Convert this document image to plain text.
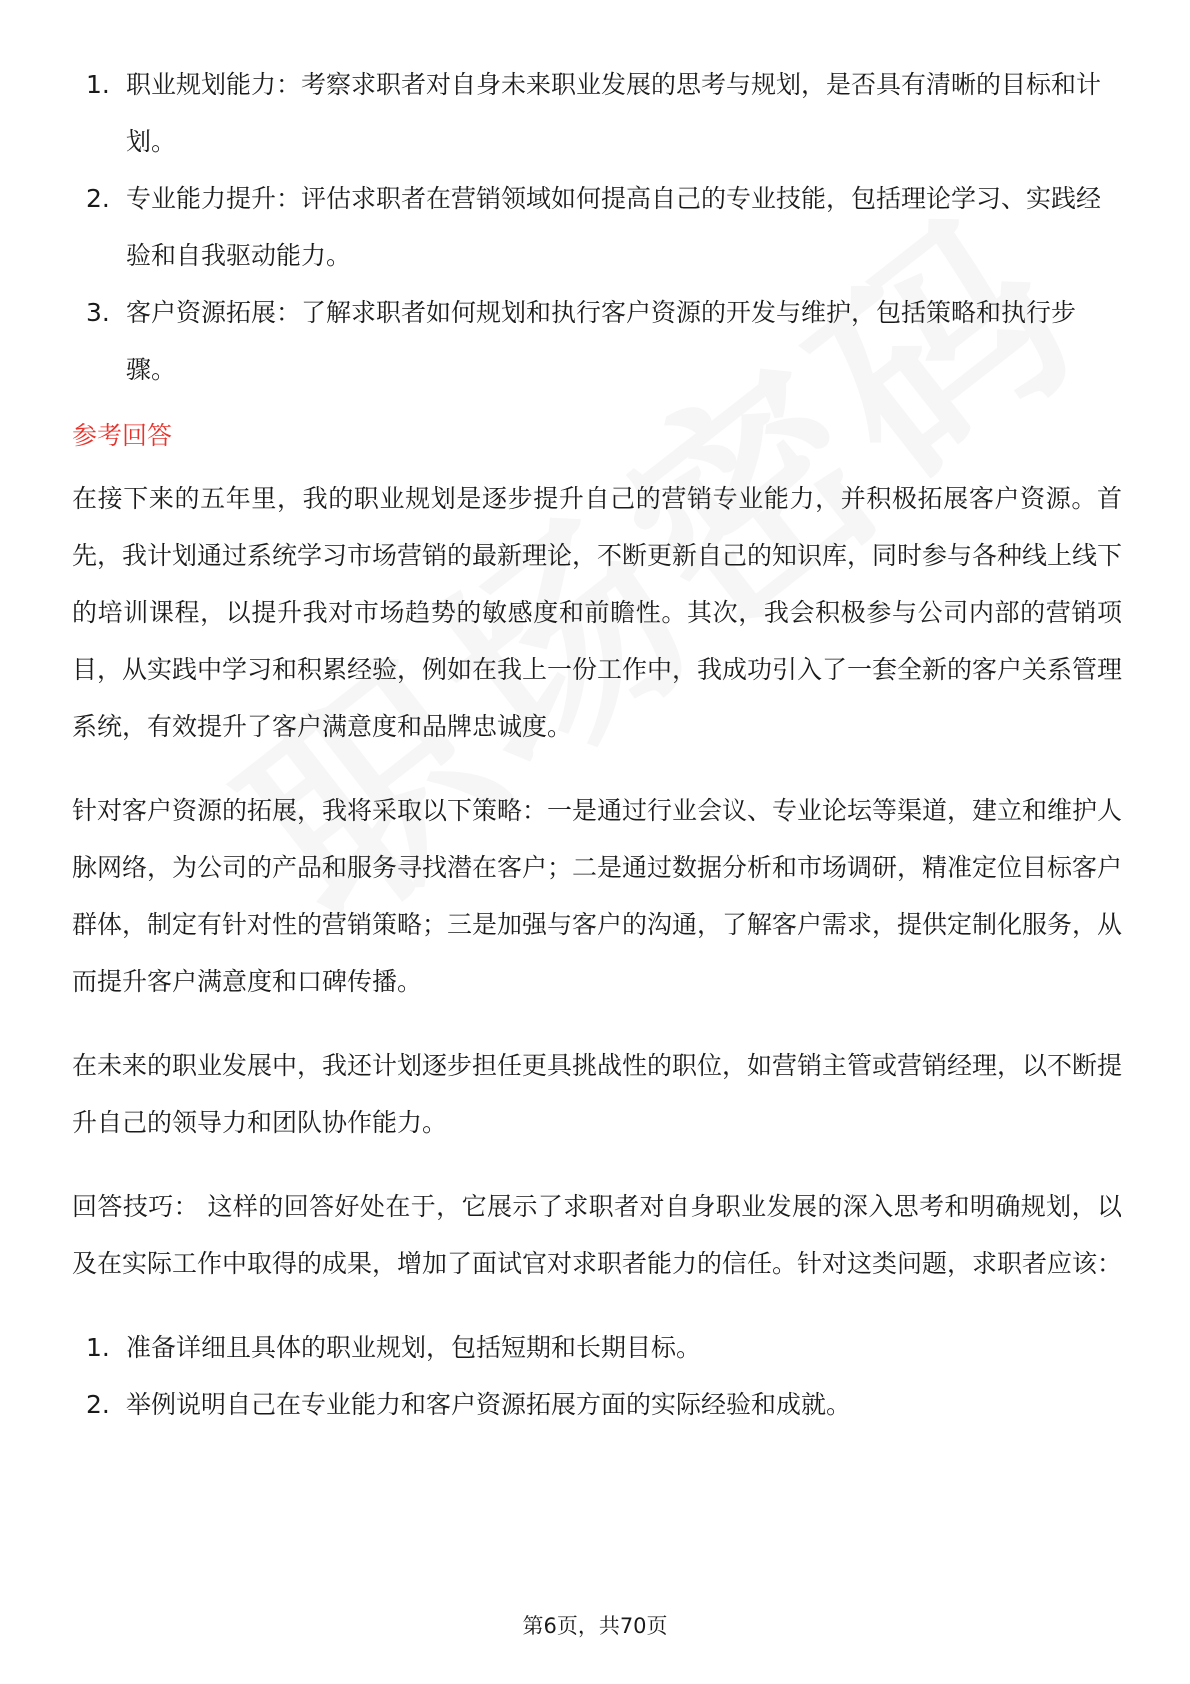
1. 职业规划能力：考察求职者对自身未来职业发展的思考与规划，是否具有清晰的目标和计划。
2. 专业能力提升：评估求职者在营销领域如何提高自己的专业技能，包括理论学习、实践经验和自我驱动能力。
3. 客户资源拓展：了解求职者如何规划和执行客户资源的开发与维护，包括策略和执行步骤。
参考回答

在接下来的五年里，我的职业规划是逐步提升自己的营销专业能力，并积极拓展客户资源。首先，我计划通过系统学习市场营销的最新理论，不断更新自己的知识库，同时参与各种线上线下的培训课程，以提升我对市场趋势的敏感度和前瞻性。其次，我会积极参与公司内部的营销项目，从实践中学习和积累经验，例如在我上一份工作中，我成功引入了一套全新的客户关系管理系统，有效提升了客户满意度和品牌忠诚度。

针对客户资源的拓展，我将采取以下策略：一是通过行业会议、专业论坛等渠道，建立和维护人脉网络，为公司的产品和服务寻找潜在客户；二是通过数据分析和市场调研，精准定位目标客户群体，制定有针对性的营销策略；三是加强与客户的沟通，了解客户需求，提供定制化服务，从而提升客户满意度和口碑传播。

在未来的职业发展中，我还计划逐步担任更具挑战性的职位，如营销主管或营销经理，以不断提升自己的领导力和团队协作能力。

回答技巧： 这样的回答好处在于，它展示了求职者对自身职业发展的深入思考和明确规划，以及在实际工作中取得的成果，增加了面试官对求职者能力的信任。针对这类问题，求职者应该：

1. 准备详细且具体的职业规划，包括短期和长期目标。
2. 举例说明自己在专业能力和客户资源拓展方面的实际经验和成就。
第6页，共70页
